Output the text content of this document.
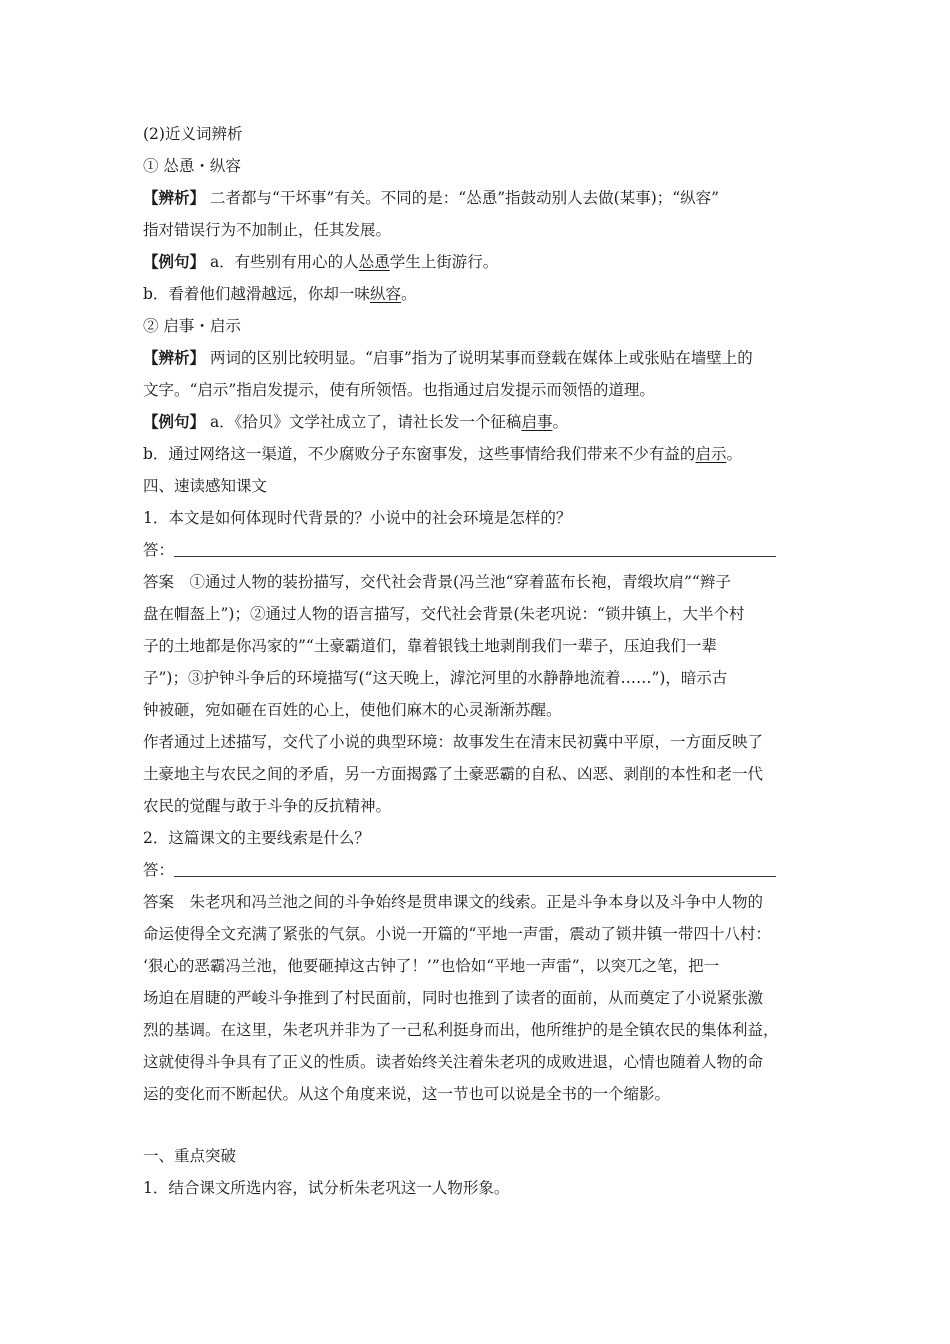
(2)近义词辨析
① 怂恿・纵容
【辨析】 二者都与“干坏事”有关。不同的是：“怂恿”指鼓动别人去做(某事)；“纵容”
指对错误行为不加制止，任其发展。
【例句】 a．有些别有用心的人怂恿学生上街游行。
b．看着他们越滑越远，你却一味纵容。
② 启事・启示
【辨析】 两词的区别比较明显。“启事”指为了说明某事而登载在媒体上或张贴在墙壁上的
文字。“启示”指启发提示，使有所领悟。也指通过启发提示而领悟的道理。
【例句】 a．《拾贝》文学社成立了，请社长发一个征稿启事。
b．通过网络这一渠道，不少腐败分子东窗事发，这些事情给我们带来不少有益的启示。
四、速读感知课文
1．本文是如何体现时代背景的？小说中的社会环境是怎样的？
答：
答案　①通过人物的装扮描写，交代社会背景(冯兰池“穿着蓝布长袍，青缎坎肩”“辫子
盘在帽盔上”)；②通过人物的语言描写，交代社会背景(朱老巩说：“锁井镇上，大半个村
子的土地都是你冯家的”“土豪霸道们，靠着银钱土地剥削我们一辈子，压迫我们一辈
子”)；③护钟斗争后的环境描写(“这天晚上，滹沱河里的水静静地流着……”)，暗示古
钟被砸，宛如砸在百姓的心上，使他们麻木的心灵渐渐苏醒。
作者通过上述描写，交代了小说的典型环境：故事发生在清末民初冀中平原，一方面反映了
土豪地主与农民之间的矛盾，另一方面揭露了土豪恶霸的自私、凶恶、剥削的本性和老一代
农民的觉醒与敢于斗争的反抗精神。
2．这篇课文的主要线索是什么？
答：
答案　朱老巩和冯兰池之间的斗争始终是贯串课文的线索。正是斗争本身以及斗争中人物的
命运使得全文充满了紧张的气氛。小说一开篇的“平地一声雷，震动了锁井镇一带四十八村：
‘狠心的恶霸冯兰池，他要砸掉这古钟了！’”也恰如“平地一声雷”，以突兀之笔，把一
场迫在眉睫的严峻斗争推到了村民面前，同时也推到了读者的面前，从而奠定了小说紧张激
烈的基调。在这里，朱老巩并非为了一己私利挺身而出，他所维护的是全镇农民的集体利益，
这就使得斗争具有了正义的性质。读者始终关注着朱老巩的成败进退，心情也随着人物的命
运的变化而不断起伏。从这个角度来说，这一节也可以说是全书的一个缩影。
一、重点突破
1．结合课文所选内容，试分析朱老巩这一人物形象。
